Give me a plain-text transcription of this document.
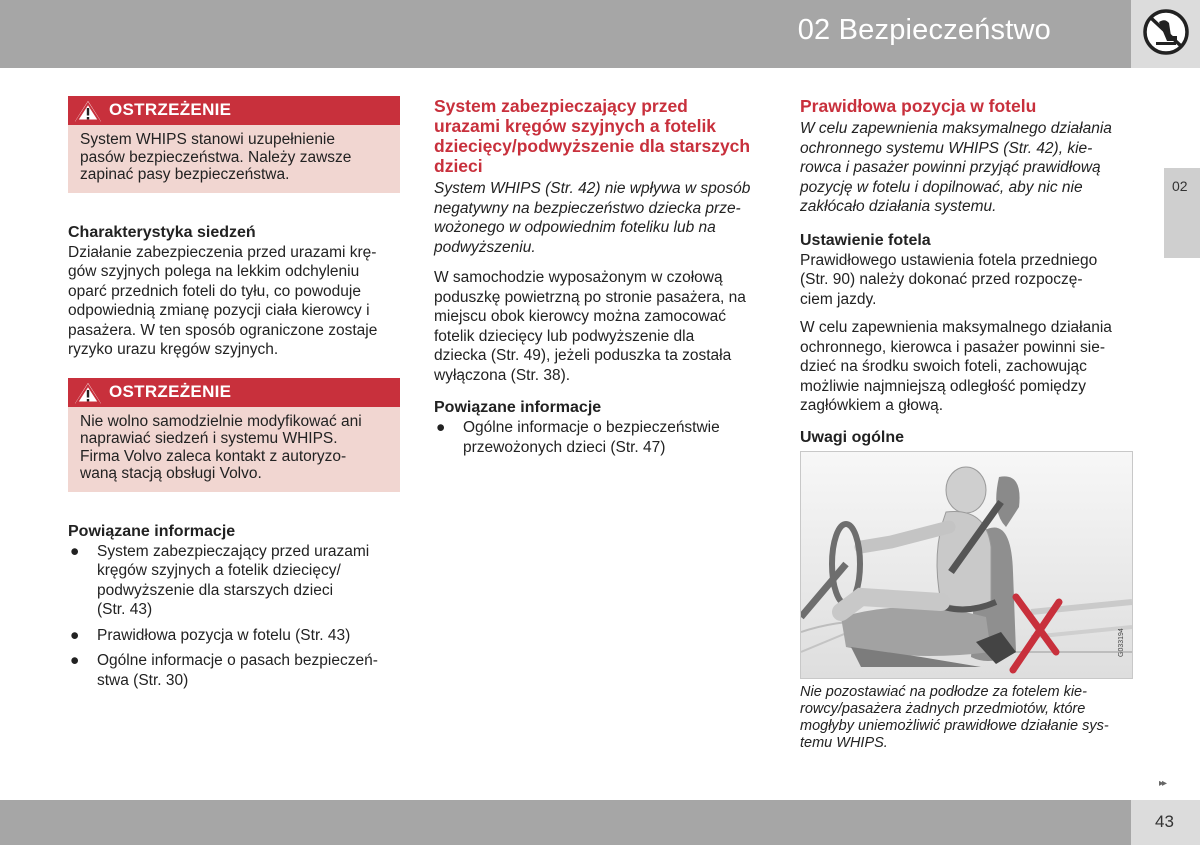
02 Bezpieczeństwo
02
OSTRZEŻENIE

System WHIPS stanowi uzupełnienie
pasów bezpieczeństwa. Należy zawsze
zapinać pasy bezpieczeństwa.

Charakterystyka siedzeń

Działanie zabezpieczenia przed urazami krę-
gów szyjnych polega na lekkim odchyleniu
oparć przednich foteli do tyłu, co powoduje
odpowiednią zmianę pozycji ciała kierowcy i
pasażera. W ten sposób ograniczone zostaje
ryzyko urazu kręgów szyjnych.

OSTRZEŻENIE

Nie wolno samodzielnie modyfikować ani
naprawiać siedzeń i systemu WHIPS.
Firma Volvo zaleca kontakt z autoryzo-
waną stacją obsługi Volvo.

Powiązane informacje
● System zabezpieczający przed urazami
kręgów szyjnych a fotelik dziecięcy/
podwyższenie dla starszych dzieci
(Str. 43)
● Prawidłowa pozycja w fotelu (Str. 43)
● Ogólne informacje o pasach bezpieczeń-
stwa (Str. 30)
System zabezpieczający przed
urazami kręgów szyjnych a fotelik
dziecięcy/podwyższenie dla starszych
dzieci

System WHIPS (Str. 42) nie wpływa w sposób
negatywny na bezpieczeństwo dziecka prze-
wożonego w odpowiednim foteliku lub na
podwyższeniu.

W samochodzie wyposażonym w czołową
poduszkę powietrzną po stronie pasażera, na
miejscu obok kierowcy można zamocować
fotelik dziecięcy lub podwyższenie dla
dziecka (Str. 49), jeżeli poduszka ta została
wyłączona (Str. 38).

Powiązane informacje
● Ogólne informacje o bezpieczeństwie
przewożonych dzieci (Str. 47)
Prawidłowa pozycja w fotelu

W celu zapewnienia maksymalnego działania
ochronnego systemu WHIPS (Str. 42), kie-
rowca i pasażer powinni przyjąć prawidłową
pozycję w fotelu i dopilnować, aby nic nie
zakłócało działania systemu.

Ustawienie fotela

Prawidłowego ustawienia fotela przedniego
(Str. 90) należy dokonać przed rozpoczę-
ciem jazdy.

W celu zapewnienia maksymalnego działania
ochronnego, kierowca i pasażer powinni sie-
dzieć na środku swoich foteli, zachowując
możliwie najmniejszą odległość pomiędzy
zagłówkiem a głową.

Uwagi ogólne
G033194

Nie pozostawiać na podłodze za fotelem kie-
rowcy/pasażera żadnych przedmiotów, które
mogłyby uniemożliwić prawidłowe działanie sys-
temu WHIPS.

▸▸
43
